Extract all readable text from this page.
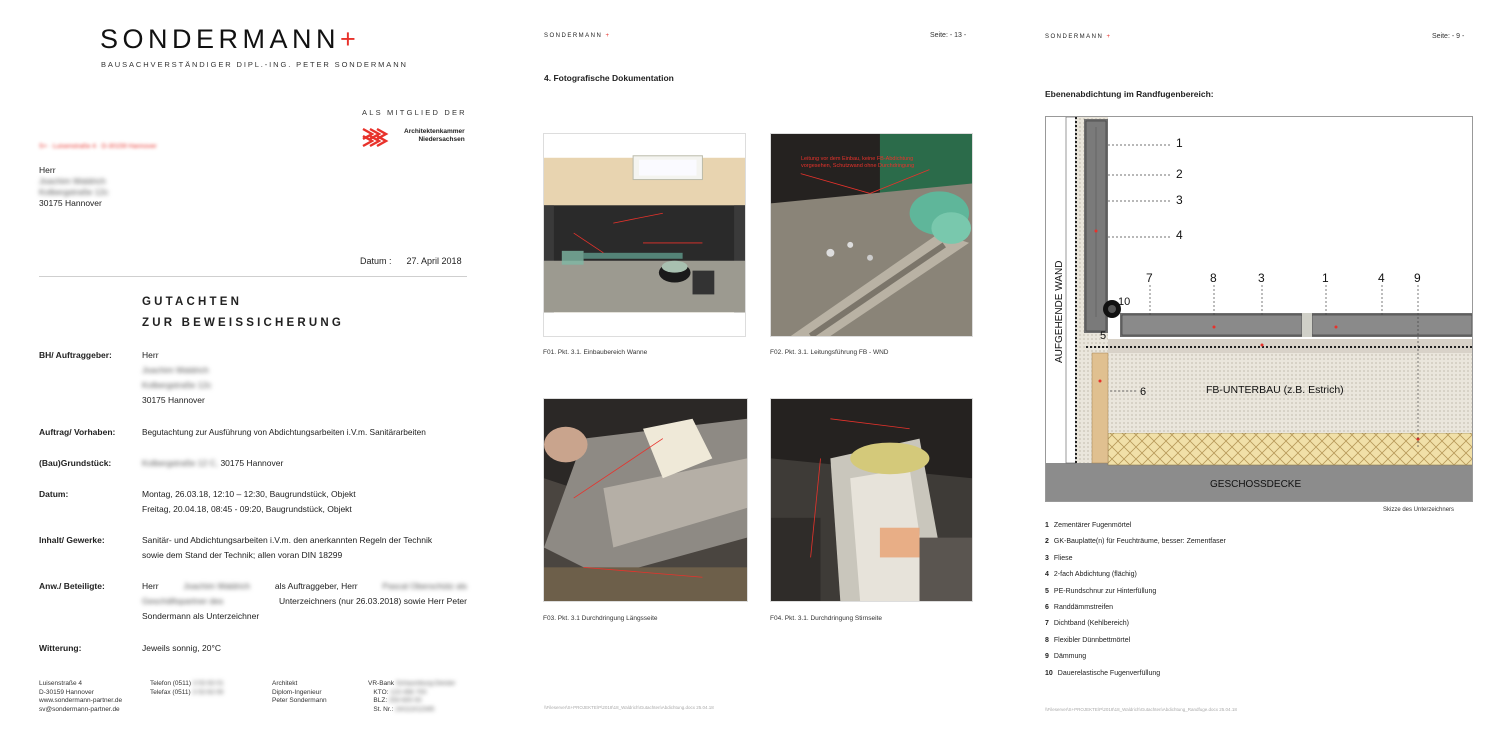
SONDERMANN+
BAUSACHVERSTÄNDIGER DIPL.-ING. PETER SONDERMANN
ALS MITGLIED DER
Architektenkammer
Niedersachsen
S+ · Luisenstraße 4 · D-30159 Hannover
Herr
Joachim Waldrich
Kolbergstraße 12c
30175 Hannover
Datum : 27. April 2018
GUTACHTEN
ZUR BEWEISSICHERUNG
BH/ Auftraggeber:	Herr
Joachim Waldrich
Kolbergstraße 12c
30175 Hannover
Auftrag/ Vorhaben:	Begutachtung zur Ausführung von Abdichtungsarbeiten i.V.m. Sanitärarbeiten
(Bau)Grundstück:	Kolbergstraße 12 C, 30175 Hannover
Datum:	Montag, 26.03.18, 12:10 – 12:30, Baugrundstück, Objekt
Freitag, 20.04.18, 08:45 - 09:20, Baugrundstück, Objekt
Inhalt/ Gewerke:	Sanitär- und Abdichtungsarbeiten i.V.m. den anerkannten Regeln der Technik
sowie dem Stand der Technik; allen voran DIN 18299
Anw./ Beteiligte:	Herr	Joachim Waldrich	als Auftraggeber, Herr	Pascal Oberschütz als
Geschäftspartner des	Unterzeichners (nur 26.03.2018) sowie Herr Peter
Sondermann als Unterzeichner
Witterung:	Jeweils sonnig, 20°C
Luisenstraße 4
D-30159 Hannover
www.sondermann-partner.de
sv@sondermann-partner.de
Telefon (0511) 3 53 63 01
Telefax (0511) 3 53 63 09
Architekt
Diplom-Ingenieur
Peter Sondermann
VR-Bank Schaumburg-Deister
KTO: 123 456 700
BLZ: 254 600 00
St. Nr.: 24/113/12345
SONDERMANN +	Seite: - 13 -
4. Fotografische Dokumentation
Leitung vor dem Einbau, keine FB-Abdichtung
vorgesehen, Schutzwand ohne Durchdringung
F01. Pkt. 3.1. Einbaubereich Wanne	F02. Pkt. 3.1. Leitungsführung FB - WND
F03. Pkt. 3.1 Durchdringung Längsseite	F04. Pkt. 3.1. Durchdringung Stirnseite
\\Fileserver\S+PROJEKTE\P\2018\18_Waldrich\Gutachten\Abdichtung.docx 25.04.18
SONDERMANN +	Seite: - 9 -
Ebenenabdichtung im Randfugenbereich:
1
2
3
4
7	8	3	1	4 9
10
5
6
AUFGEHENDE WAND
FB-UNTERBAU (z.B. Estrich)
GESCHOSSDECKE
Skizze des Unterzeichners
1 Zementärer Fugenmörtel
2 GK-Bauplatte(n) für Feuchträume, besser: Zementfaser
3 Fliese
4 2-fach Abdichtung (flächig)
5 PE-Rundschnur zur Hinterfüllung
6 Randdämmstreifen
7 Dichtband (Kehlbereich)
8 Flexibler Dünnbettmörtel
9 Dämmung
10 Dauerelastische Fugenverfüllung
\\Fileserver\S+PROJEKTE\P\2018\18_Waldrich\Gutachten\Abdichtung_Randfuge.docx 25.04.18
